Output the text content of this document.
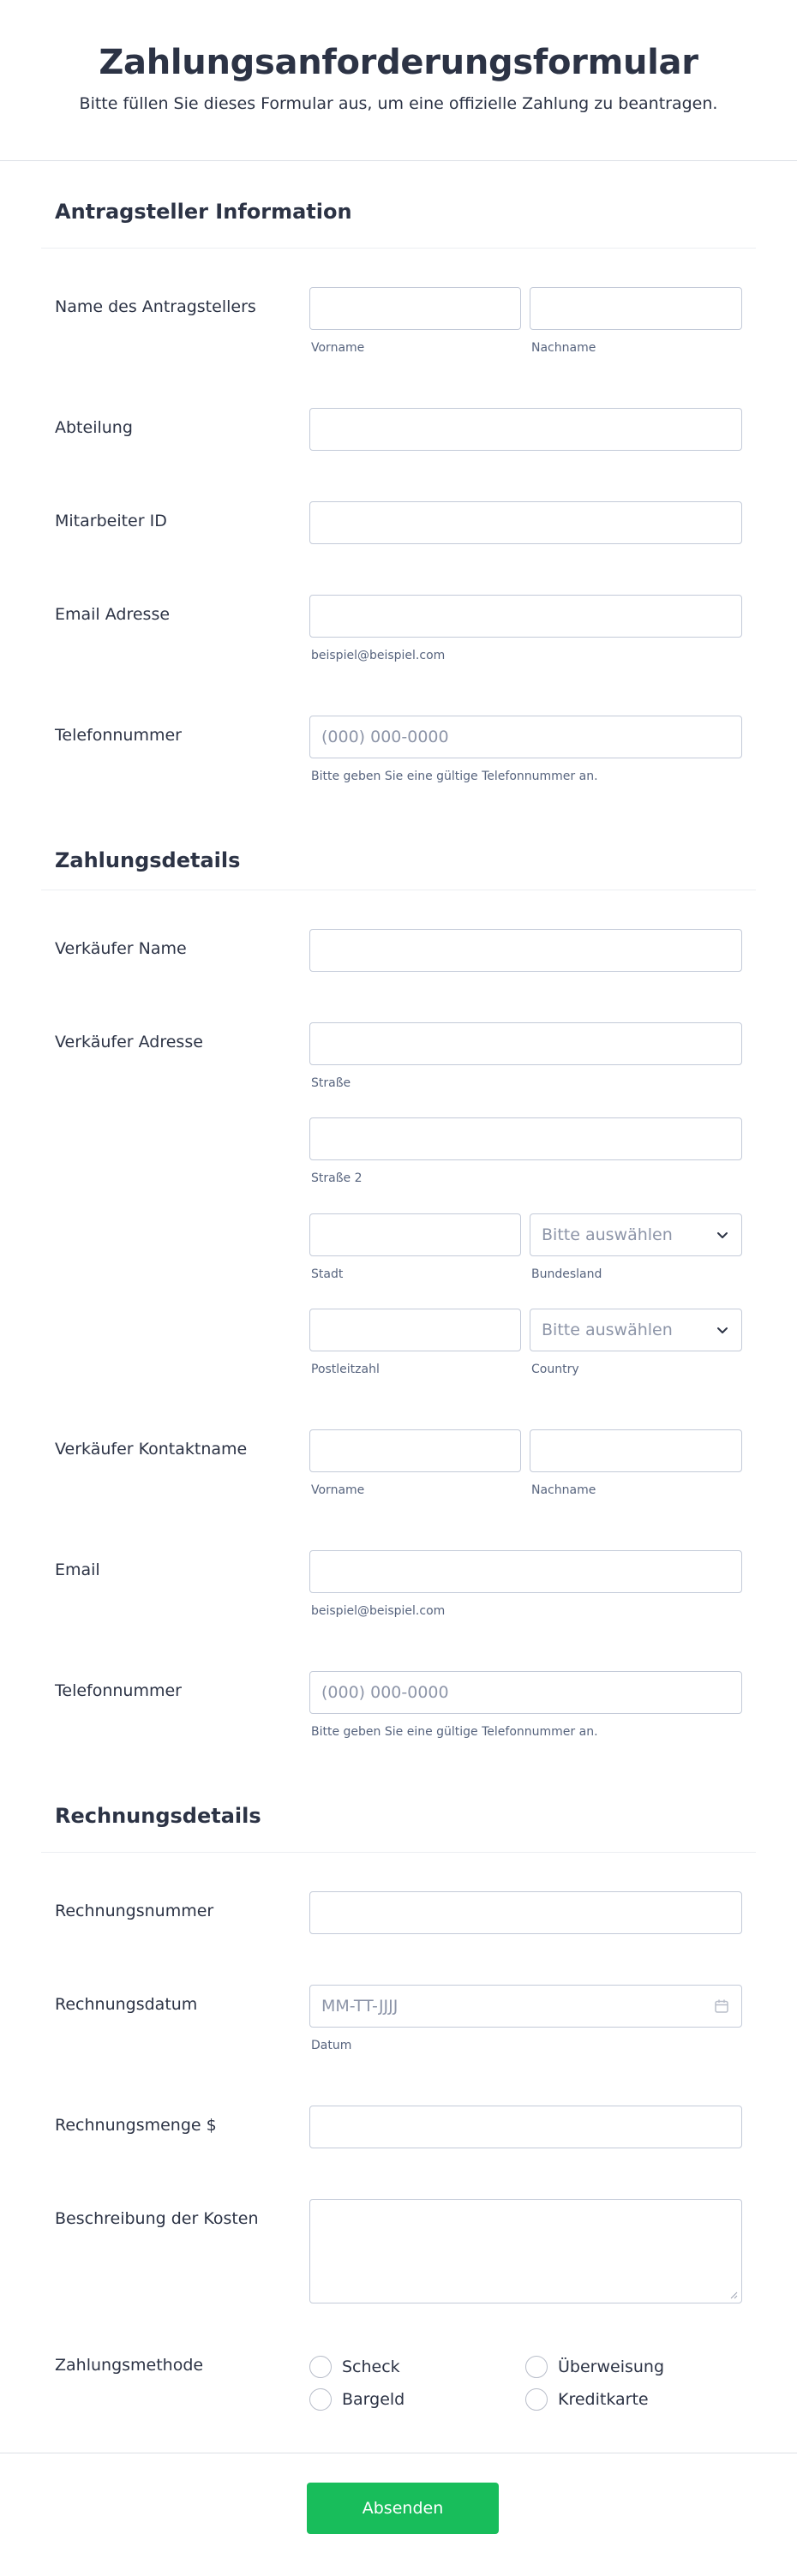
Zahlungsanforderungsformular

Bitte füllen Sie dieses Formular aus, um eine offizielle Zahlung zu beantragen.

Antragsteller Information
Name des Antragstellers
Vorname	Nachname
Abteilung
Mitarbeiter ID
Email Adresse
beispiel@beispiel.com
Telefonnummer
(000) 000-0000
Bitte geben Sie eine gültige Telefonnummer an.
Zahlungsdetails
Verkäufer Name
Verkäufer Adresse
Straße
Straße 2
Bitte auswählen
Stadt	Bundesland
Bitte auswählen
Postleitzahl	Country
Verkäufer Kontaktname
Vorname	Nachname
Email
beispiel@beispiel.com
Telefonnummer
(000) 000-0000
Bitte geben Sie eine gültige Telefonnummer an.
Rechnungsdetails
Rechnungsnummer
Rechnungsdatum
MM-TT-JJJJ
Datum
Rechnungsmenge $
Beschreibung der Kosten
Zahlungsmethode	Scheck	Überweisung
Bargeld	Kreditkarte
Absenden
